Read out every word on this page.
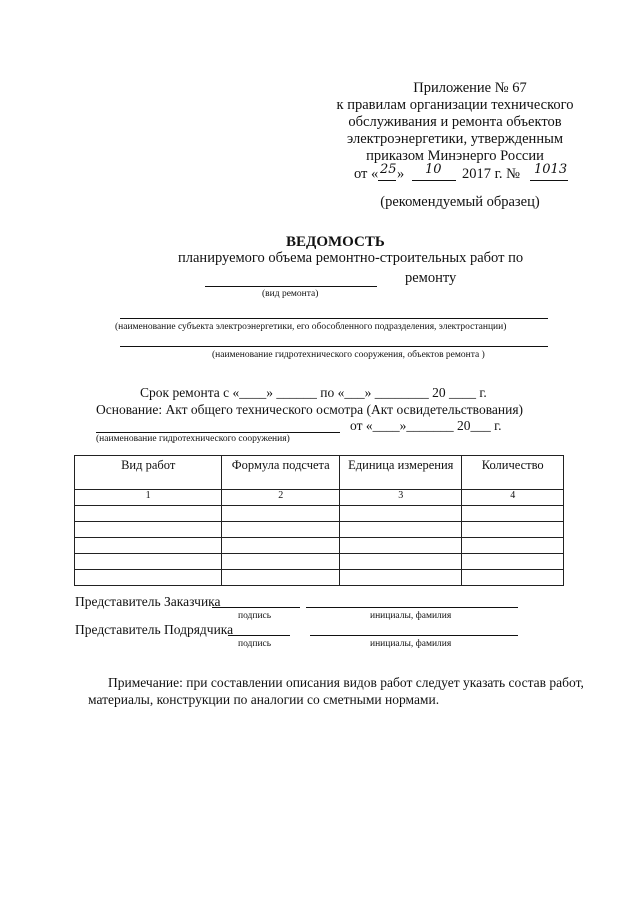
Приложение № 67
к правилам организации технического
обслуживания и ремонта объектов
электроэнергетики, утвержденным
приказом Минэнерго России
от « 25 » 10 2017 г. № 1013
(рекомендуемый образец)
ВЕДОМОСТЬ
планируемого объема ремонтно-строительных работ по
ремонту
(вид ремонта)
(наименование субъекта электроэнергетики, его обособленного подразделения, электростанции)
(наименование гидротехнического сооружения, объектов ремонта )
Срок ремонта с «____» ______ по «___» ________ 20 ____ г.
Основание: Акт общего технического осмотра (Акт освидетельствования)
от «____»_______ 20___ г.
(наименование гидротехнического сооружения)
Вид работ	Формула подсчета	Единица измерения	Количество
1	2	3	4

Представитель Заказчика
подпись	инициалы, фамилия
Представитель Подрядчика
подпись	инициалы, фамилия
Примечание: при составлении описания видов работ следует указать состав работ,
материалы, конструкции по аналогии со сметными нормами.
